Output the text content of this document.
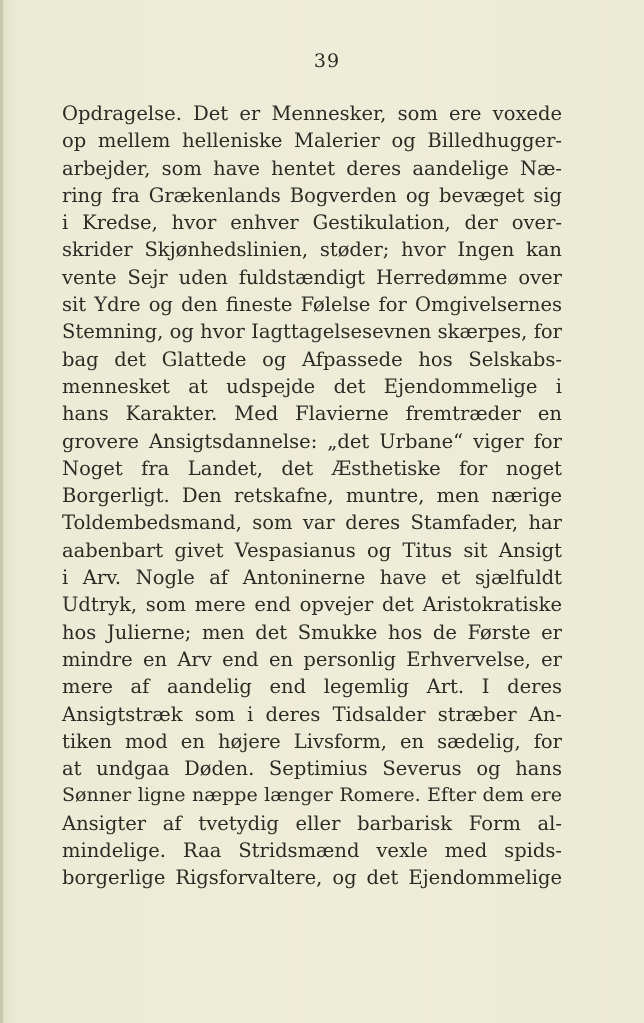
39
Opdragelse. Det er Mennesker, som ere voxede
op mellem helleniske Malerier og Billedhugger-
arbejder, som have hentet deres aandelige Næ-
ring fra Grækenlands Bogverden og bevæget sig
i Kredse, hvor enhver Gestikulation, der over-
skrider Skjønhedslinien, støder; hvor Ingen kan
vente Sejr uden fuldstændigt Herredømme over
sit Ydre og den fineste Følelse for Omgivelsernes
Stemning, og hvor Iagttagelsesevnen skærpes, for
bag det Glattede og Afpassede hos Selskabs-
mennesket at udspejde det Ejendommelige i
hans Karakter. Med Flavierne fremtræder en
grovere Ansigtsdannelse: „det Urbane“ viger for
Noget fra Landet, det Æsthetiske for noget
Borgerligt. Den retskafne, muntre, men nærige
Toldembedsmand, som var deres Stamfader, har
aabenbart givet Vespasianus og Titus sit Ansigt
i Arv. Nogle af Antoninerne have et sjælfuldt
Udtryk, som mere end opvejer det Aristokratiske
hos Julierne; men det Smukke hos de Første er
mindre en Arv end en personlig Erhvervelse, er
mere af aandelig end legemlig Art. I deres
Ansigtstræk som i deres Tidsalder stræber An-
tiken mod en højere Livsform, en sædelig, for
at undgaa Døden. Septimius Severus og hans
Sønner ligne næppe længer Romere. Efter dem ere
Ansigter af tvetydig eller barbarisk Form al-
mindelige. Raa Stridsmænd vexle med spids-
borgerlige Rigsforvaltere, og det Ejendommelige
